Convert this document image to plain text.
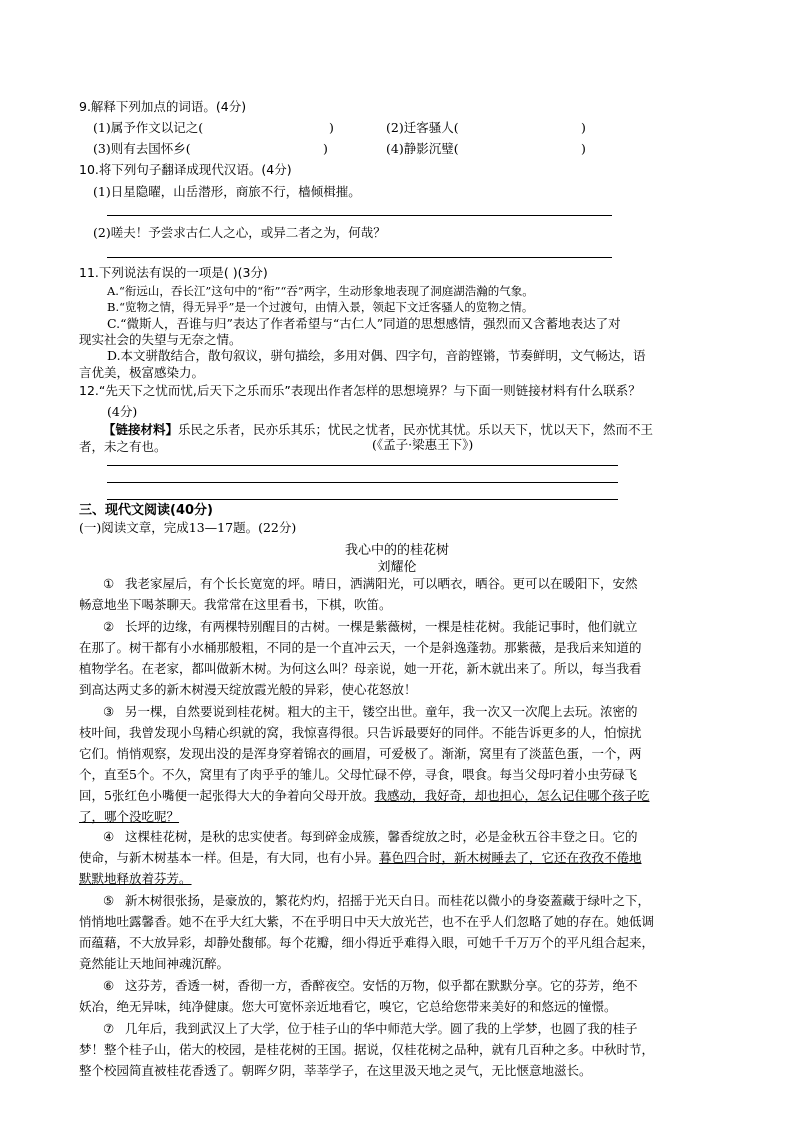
9.解释下列加点的词语。(4分)
(1)属予作文以记之(	)	(2)迁客骚人(	)
(3)则有去国怀乡(	)	(4)静影沉璧(	)
10.将下列句子翻译成现代汉语。(4分)
(1)日星隐曜，山岳潜形，商旅不行，樯倾楫摧。
(2)嗟夫！予尝求古仁人之心，或异二者之为，何哉？
11.下列说法有误的一项是( )(3分)
A.“衔远山，吞长江”这句中的“衔”“吞”两字，生动形象地表现了洞庭湖浩瀚的气象。
B.“览物之情，得无异乎”是一个过渡句，由情入景，领起下文迁客骚人的览物之情。
C.“微斯人，吾谁与归”表达了作者希望与“古仁人”同道的思想感情，强烈而又含蓄地表达了对
现实社会的失望与无奈之情。
D.本文骈散结合，散句叙议，骈句描绘，多用对偶、四字句，音韵铿锵，节奏鲜明，文气畅达，语
言优美，极富感染力。
12.“先天下之忧而忧,后天下之乐而乐”表现出作者怎样的思想境界？与下面一则链接材料有什么联系？
(4分)
【链接材料】乐民之乐者，民亦乐其乐；忧民之忧者，民亦忧其忧。乐以天下，忧以天下，然而不王
者，未之有也。	(《孟子·梁惠王下》)
三、现代文阅读(40分)
(一)阅读文章，完成13—17题。(22分)
我心中的的桂花树
刘耀伦
① 我老家屋后，有个长长宽宽的坪。晴日，洒满阳光，可以晒衣，晒谷。更可以在暖阳下，安然
畅意地坐下喝茶聊天。我常常在这里看书，下棋，吹笛。
② 长坪的边缘，有两棵特别醒目的古树。一棵是紫薇树，一棵是桂花树。我能记事时，他们就立
在那了。树干都有小水桶那般粗，不同的是一个直冲云天，一个是斜逸蓬勃。那紫薇，是我后来知道的
植物学名。在老家，都叫做新木树。为何这么叫？母亲说，她一开花，新木就出来了。所以，每当我看
到高达两丈多的新木树漫天绽放霞光般的异彩，使心花怒放！
③ 另一棵，自然要说到桂花树。粗大的主干，镂空出世。童年，我一次又一次爬上去玩。浓密的
枝叶间，我曾发现小鸟精心织就的窝，我惊喜得很。只告诉最要好的同伴。不能告诉更多的人，怕惊扰
它们。悄悄观察，发现出没的是浑身穿着锦衣的画眉，可爱极了。渐渐，窝里有了淡蓝色蛋，一个，两
个，直至5个。不久，窝里有了肉乎乎的雏儿。父母忙碌不停，寻食，喂食。每当父母叼着小虫劳碌飞
回，5张红色小嘴便一起张得大大的争着向父母开放。我感动，我好奇，却也担心，怎么记住哪个孩子吃
了，哪个没吃呢？
④ 这棵桂花树，是秋的忠实使者。每到碎金成簇，馨香绽放之时，必是金秋五谷丰登之日。它的
使命，与新木树基本一样。但是，有大同，也有小异。暮色四合时，新木树睡去了，它还在孜孜不倦地
默默地释放着芬芳。
⑤ 新木树很张扬，是豪放的，繁花灼灼，招摇于光天白日。而桂花以微小的身姿蓋藏于绿叶之下，
悄悄地吐露馨香。她不在乎大红大紫，不在乎明日中天大放光芒，也不在乎人们忽略了她的存在。她低调
而蕴藉，不大放异彩，却静处馥郁。每个花瓣，细小得近乎难得入眼，可她千千万万个的平凡组合起来，
竟然能让天地间神魂沉醉。
⑥ 这芬芳，香透一树，香彻一方，香醉夜空。安恬的万物，似乎都在默默分享。它的芬芳，绝不
妖冶，绝无异味，纯净健康。您大可宽怀亲近地看它，嗅它，它总给您带来美好的和悠远的憧憬。
⑦ 几年后，我到武汉上了大学，位于桂子山的华中师范大学。圆了我的上学梦，也圆了我的桂子
梦！整个桂子山，偌大的校园，是桂花树的王国。据说，仅桂花树之品种，就有几百种之多。中秋时节，
整个校园简直被桂花香透了。朝晖夕阴，莘莘学子，在这里汲天地之灵气，无比惬意地滋长。
